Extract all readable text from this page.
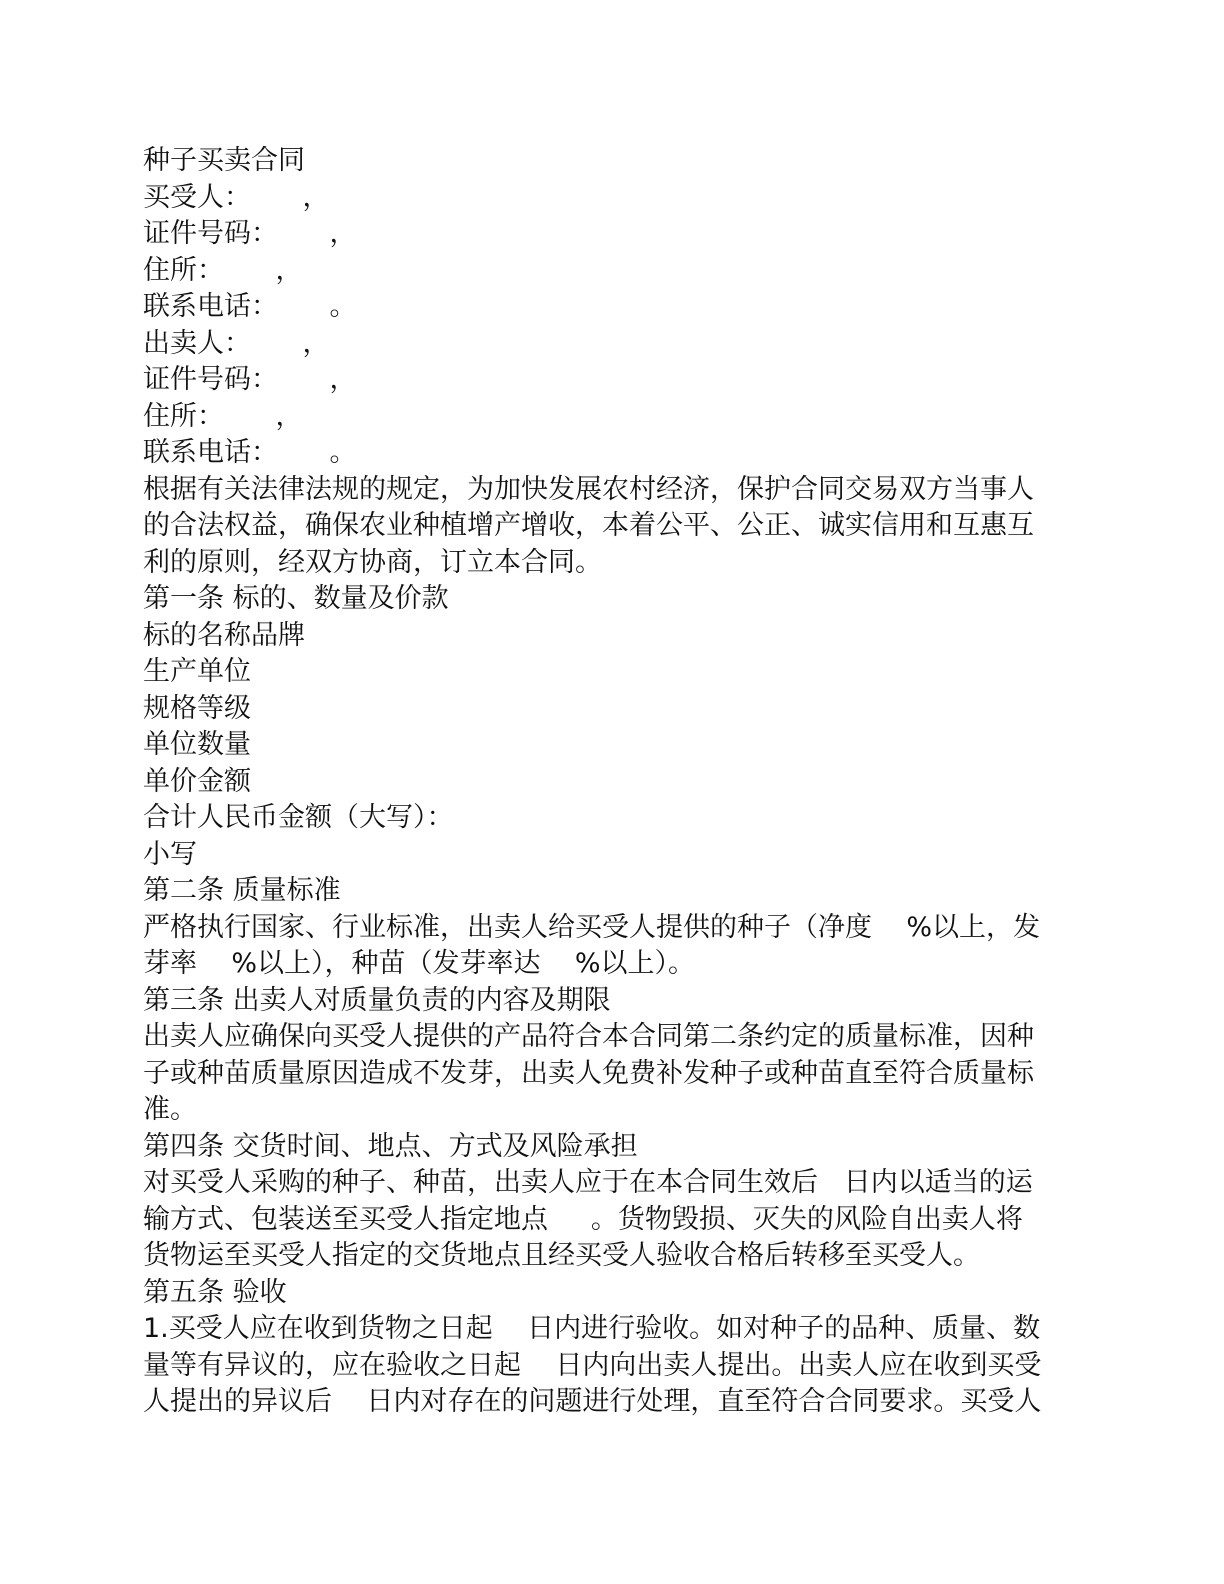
种子买卖合同
买受人：      ，
证件号码：      ，
住所：      ，
联系电话：      。
出卖人：      ，
证件号码：      ，
住所：      ，
联系电话：      。
根据有关法律法规的规定，为加快发展农村经济，保护合同交易双方当事人
的合法权益，确保农业种植增产增收，本着公平、公正、诚实信用和互惠互
利的原则，经双方协商，订立本合同。
第一条 标的、数量及价款
标的名称品牌
生产单位
规格等级
单位数量
单价金额
合计人民币金额（大写）：
小写
第二条 质量标准
严格执行国家、行业标准，出卖人给买受人提供的种子（净度    %以上，发
芽率    %以上），种苗（发芽率达    %以上）。
第三条 出卖人对质量负责的内容及期限
出卖人应确保向买受人提供的产品符合本合同第二条约定的质量标准，因种
子或种苗质量原因造成不发芽，出卖人免费补发种子或种苗直至符合质量标
准。
第四条 交货时间、地点、方式及风险承担
对买受人采购的种子、种苗，出卖人应于在本合同生效后   日内以适当的运
输方式、包装送至买受人指定地点     。货物毁损、灭失的风险自出卖人将
货物运至买受人指定的交货地点且经买受人验收合格后转移至买受人。
第五条 验收
1.买受人应在收到货物之日起    日内进行验收。如对种子的品种、质量、数
量等有异议的，应在验收之日起    日内向出卖人提出。出卖人应在收到买受
人提出的异议后    日内对存在的问题进行处理，直至符合合同要求。买受人
